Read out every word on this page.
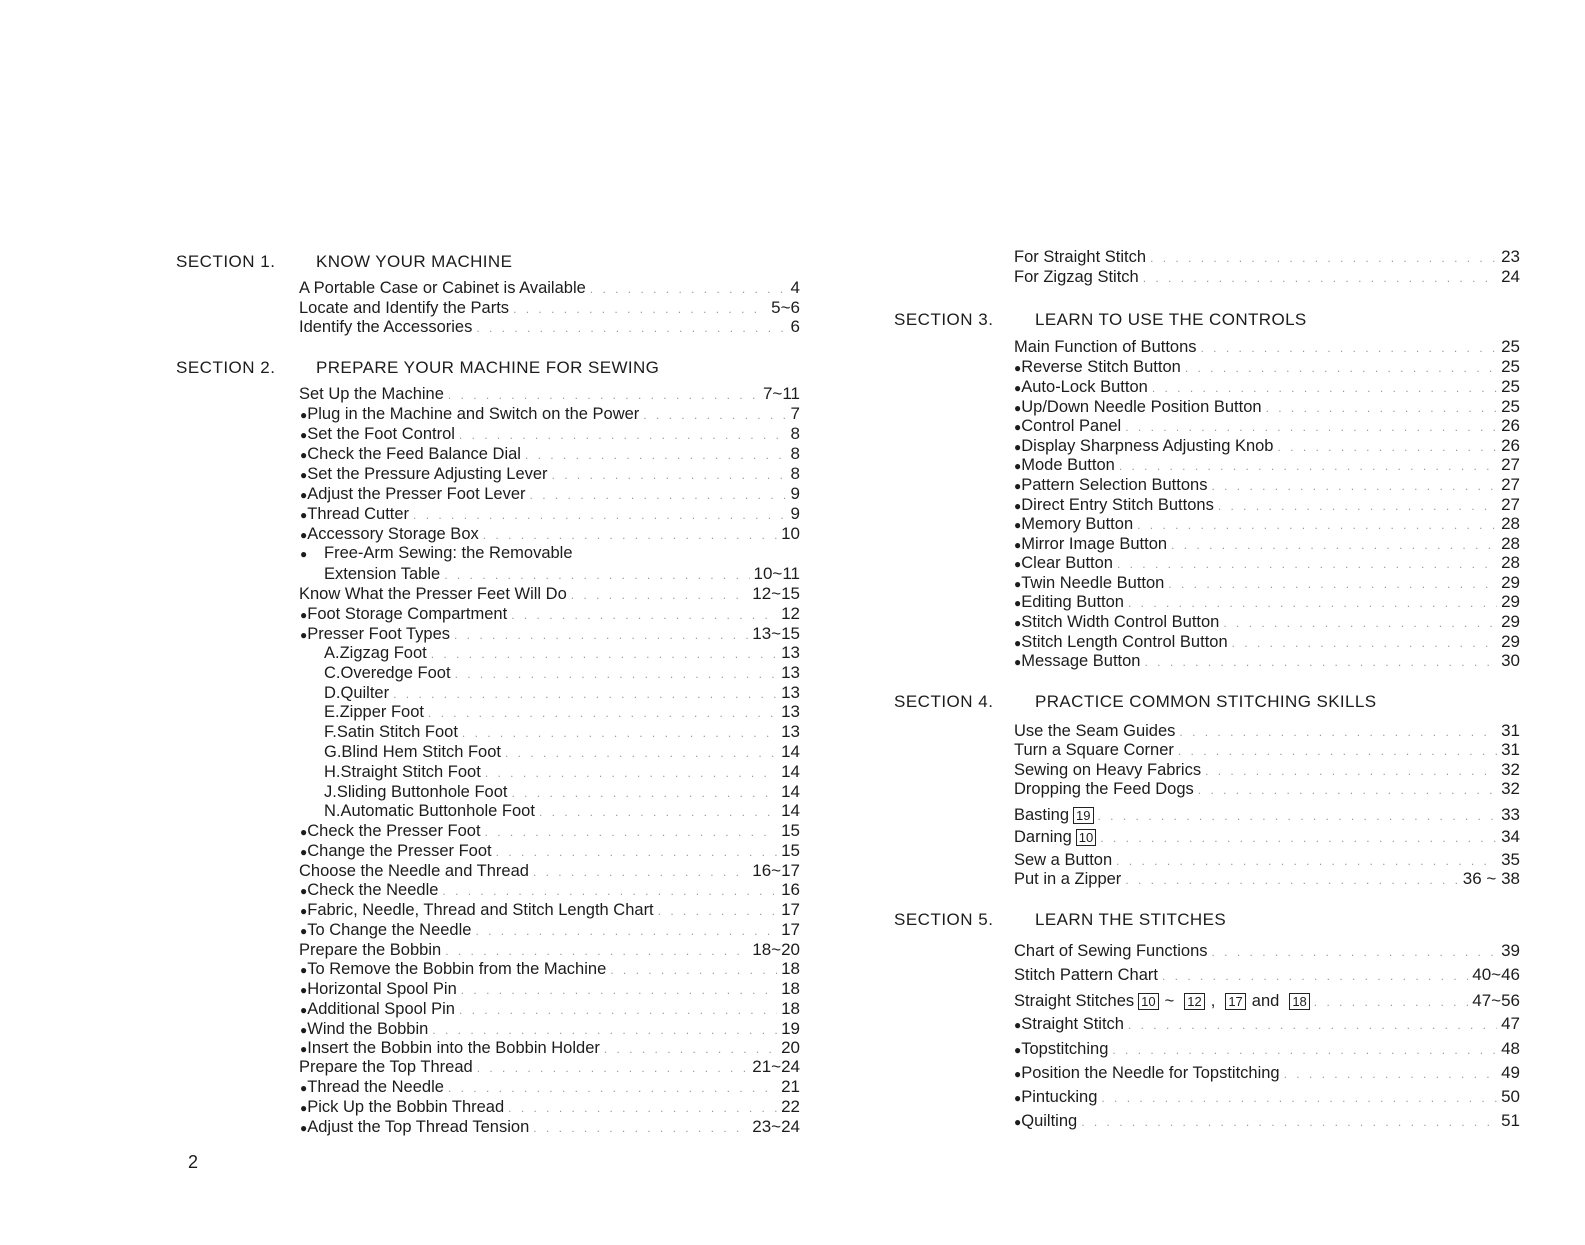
SECTION 1.	KNOW YOUR MACHINE
A Portable Case or Cabinet is Available . . .	4
Locate and Identify the Parts . . .	5~6
Identify the Accessories . . .	6
SECTION 2.	PREPARE YOUR MACHINE FOR SEWING
Set Up the Machine . . .	7~11
● Plug in the Machine and Switch on the Power . . .	7
● Set the Foot Control . . .	8
● Check the Feed Balance Dial . . .	8
● Set the Pressure Adjusting Lever . . .	8
● Adjust the Presser Foot Lever . . .	9
● Thread Cutter . . .	9
● Accessory Storage Box . . .	10
●	Free-Arm Sewing: the Removable
Extension Table . . .	10~11
Know What the Presser Feet Will Do . . .	12~15
● Foot Storage Compartment . . .	12
● Presser Foot Types . . .	13~15
A. Zigzag Foot . . .	13
C. Overedge Foot . . .	13
D. Quilter . . .	13
E. Zipper Foot . . .	13
F. Satin Stitch Foot . . .	13
G. Blind Hem Stitch Foot . . .	14
H. Straight Stitch Foot . . .	14
J. Sliding Buttonhole Foot . . .	14
N. Automatic Buttonhole Foot . . .	14
● Check the Presser Foot . . .	15
● Change the Presser Foot . . .	15
Choose the Needle and Thread . . .	16~17
● Check the Needle . . .	16
● Fabric, Needle, Thread and Stitch Length Chart . . .	17
● To Change the Needle . . .	17
Prepare the Bobbin . . .	18~20
● To Remove the Bobbin from the Machine . . .	18
● Horizontal Spool Pin . . .	18
● Additional Spool Pin . . .	18
● Wind the Bobbin . . .	19
● Insert the Bobbin into the Bobbin Holder . . .	20
Prepare the Top Thread . . .	21~24
● Thread the Needle . . .	21
● Pick Up the Bobbin Thread . . .	22
● Adjust the Top Thread Tension . . .	23~24
For Straight Stitch . . .	23
For Zigzag Stitch . . .	24
SECTION 3.	LEARN TO USE THE CONTROLS
Main Function of Buttons . . .	25
● Reverse Stitch Button . . .	25
● Auto-Lock Button . . .	25
● Up/Down Needle Position Button . . .	25
● Control Panel . . .	26
● Display Sharpness Adjusting Knob . . .	26
● Mode Button . . .	27
● Pattern Selection Buttons . . .	27
● Direct Entry Stitch Buttons . . .	27
● Memory Button . . .	28
● Mirror Image Button . . .	28
● Clear Button . . .	28
● Twin Needle Button . . .	29
● Editing Button . . .	29
● Stitch Width Control Button . . .	29
● Stitch Length Control Button . . .	29
● Message Button . . .	30
SECTION 4.	PRACTICE COMMON STITCHING SKILLS
Use the Seam Guides . . .	31
Turn a Square Corner . . .	31
Sewing on Heavy Fabrics . . .	32
Dropping the Feed Dogs . . .	32
Basting 19 . . .	33
Darning 10 . . .	34
Sew a Button . . .	35
Put in a Zipper . . .	36 ~ 38
SECTION 5.	LEARN THE STITCHES
Chart of Sewing Functions . . .	39
Stitch Pattern Chart . . .	40~46
Straight Stitches 10 ~ 12 , 17 and 18 . . .	47~56
● Straight Stitch . . .	47
● Topstitching . . .	48
● Position the Needle for Topstitching . . .	49
● Pintucking . . .	50
● Quilting . . .	51
2
